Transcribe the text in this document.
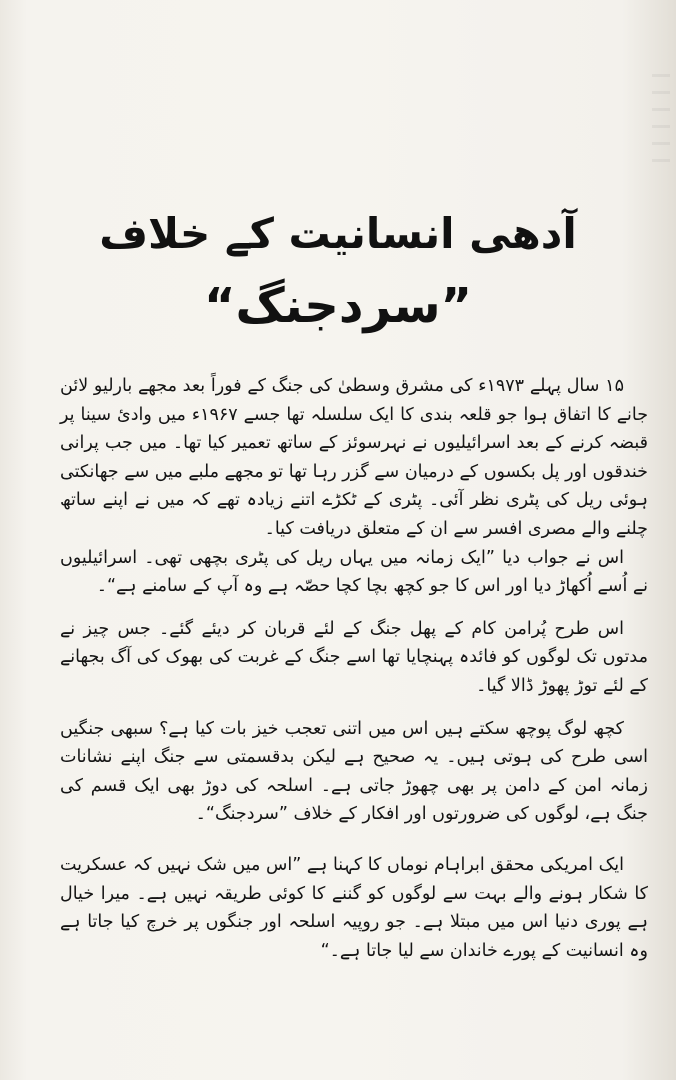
آدھی انسانیت کے خلاف
”سردجنگ“

۱۵ سال پہلے ۱۹۷۳ء کی مشرق وسطیٰ کی جنگ کے فوراً بعد مجھے بارلیو لائن جانے کا اتفاق ہوا جو قلعہ بندی کا ایک سلسلہ تھا جسے ۱۹۶۷ء میں وادیٔ سینا پر قبضہ کرنے کے بعد اسرائیلیوں نے نہرسوئز کے ساتھ تعمیر کیا تھا۔ میں جب پرانی خندقوں اور پل بکسوں کے درمیان سے گزر رہا تھا تو مجھے ملبے میں سے جھانکتی ہوئی ریل کی پٹری نظر آئی۔ پٹری کے ٹکڑے اتنے زیادہ تھے کہ میں نے اپنے ساتھ چلنے والے مصری افسر سے ان کے متعلق دریافت کیا۔

اس نے جواب دیا ”ایک زمانہ میں یہاں ریل کی پٹری بچھی تھی۔ اسرائیلیوں نے اُسے اُکھاڑ دیا اور اس کا جو کچھ بچا کچا حصّہ ہے وہ آپ کے سامنے ہے“۔

اس طرح پُرامن کام کے پھل جنگ کے لئے قربان کر دیئے گئے۔ جس چیز نے مدتوں تک لوگوں کو فائدہ پہنچایا تھا اسے جنگ کے غربت کی بھوک کی آگ بجھانے کے لئے توڑ پھوڑ ڈالا گیا۔

کچھ لوگ پوچھ سکتے ہیں اس میں اتنی تعجب خیز بات کیا ہے؟ سبھی جنگیں اسی طرح کی ہوتی ہیں۔ یہ صحیح ہے لیکن بدقسمتی سے جنگ اپنے نشانات زمانہ امن کے دامن پر بھی چھوڑ جاتی ہے۔ اسلحہ کی دوڑ بھی ایک قسم کی جنگ ہے، لوگوں کی ضرورتوں اور افکار کے خلاف ”سردجنگ“۔

ایک امریکی محقق ابراہام نوماں کا کہنا ہے ”اس میں شک نہیں کہ عسکریت کا شکار ہونے والے بہت سے لوگوں کو گننے کا کوئی طریقہ نہیں ہے۔ میرا خیال ہے پوری دنیا اس میں مبتلا ہے۔ جو روپیہ اسلحہ اور جنگوں پر خرچ کیا جاتا ہے وہ انسانیت کے پورے خاندان سے لیا جاتا ہے۔“
